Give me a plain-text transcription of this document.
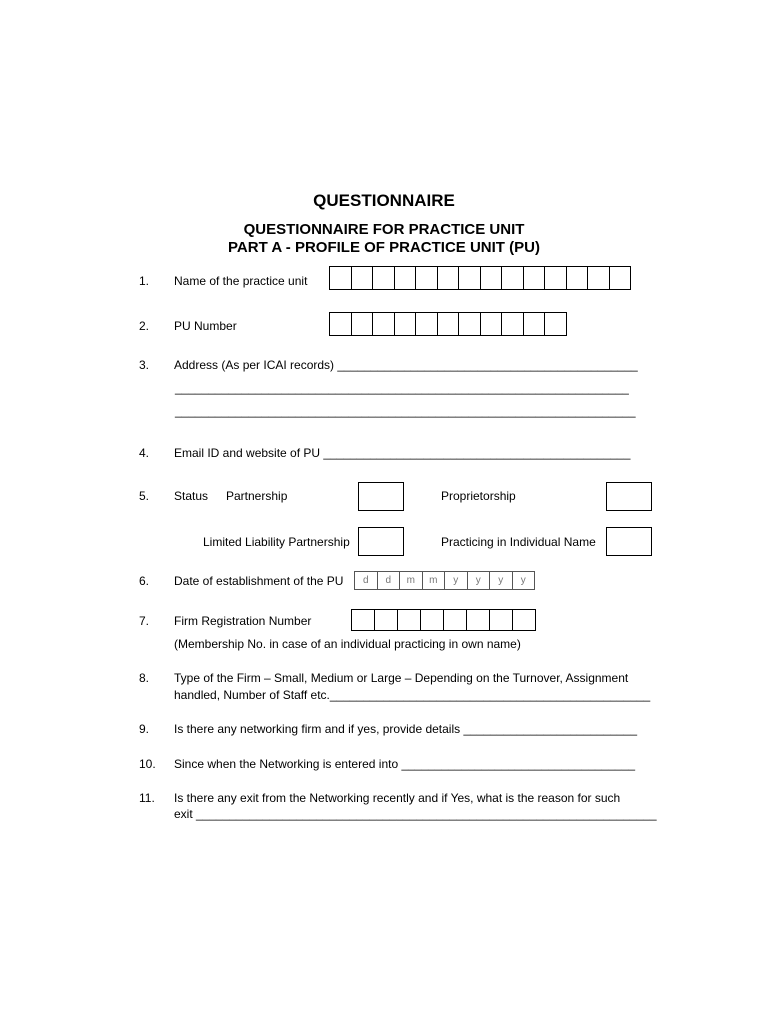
QUESTIONNAIRE
QUESTIONNAIRE FOR PRACTICE UNIT
PART A - PROFILE OF PRACTICE UNIT (PU)
1. Name of the practice unit
2. PU Number
3. Address (As per ICAI records) _____________________________________________
____________________________________________________________________
_____________________________________________________________________
4. Email ID and website of PU ______________________________________________
5. Status Partnership	Proprietorship
Limited Liability Partnership	Practicing in Individual Name
6. Date of establishment of the PU	d	d	m	m	y	y	y	y
7. Firm Registration Number
(Membership No. in case of an individual practicing in own name)
8. Type of the Firm – Small, Medium or Large – Depending on the Turnover, Assignment
handled, Number of Staff etc.________________________________________________
9. Is there any networking firm and if yes, provide details __________________________
10. Since when the Networking is entered into ___________________________________
11. Is there any exit from the Networking recently and if Yes, what is the reason for such
exit _____________________________________________________________________
